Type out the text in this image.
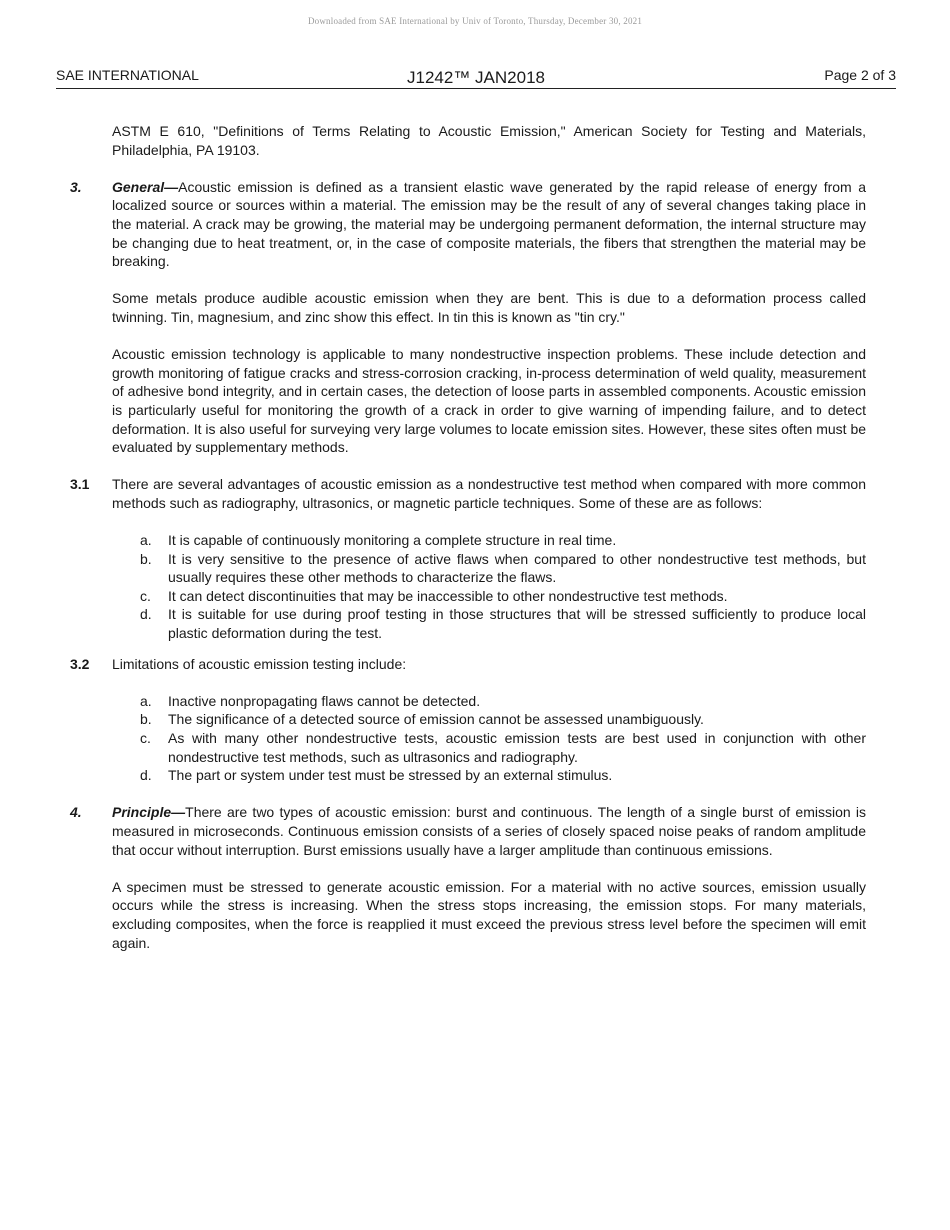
Downloaded from SAE International by Univ of Toronto, Thursday, December 30, 2021
SAE INTERNATIONAL	J1242™ JAN2018	Page 2 of 3

ASTM E 610, "Definitions of Terms Relating to Acoustic Emission," American Society for Testing and Materials, Philadelphia, PA 19103.

3. General—Acoustic emission is defined as a transient elastic wave generated by the rapid release of energy from a localized source or sources within a material. The emission may be the result of any of several changes taking place in the material. A crack may be growing, the material may be undergoing permanent deformation, the internal structure may be changing due to heat treatment, or, in the case of composite materials, the fibers that strengthen the material may be breaking.

Some metals produce audible acoustic emission when they are bent. This is due to a deformation process called twinning. Tin, magnesium, and zinc show this effect. In tin this is known as "tin cry."

Acoustic emission technology is applicable to many nondestructive inspection problems. These include detection and growth monitoring of fatigue cracks and stress-corrosion cracking, in-process determination of weld quality, measurement of adhesive bond integrity, and in certain cases, the detection of loose parts in assembled components. Acoustic emission is particularly useful for monitoring the growth of a crack in order to give warning of impending failure, and to detect deformation. It is also useful for surveying very large volumes to locate emission sites. However, these sites often must be evaluated by supplementary methods.

3.1 There are several advantages of acoustic emission as a nondestructive test method when compared with more common methods such as radiography, ultrasonics, or magnetic particle techniques. Some of these are as follows:

a. It is capable of continuously monitoring a complete structure in real time.
b. It is very sensitive to the presence of active flaws when compared to other nondestructive test methods, but usually requires these other methods to characterize the flaws.
c. It can detect discontinuities that may be inaccessible to other nondestructive test methods.
d. It is suitable for use during proof testing in those structures that will be stressed sufficiently to produce local plastic deformation during the test.
3.2 Limitations of acoustic emission testing include:

a. Inactive nonpropagating flaws cannot be detected.
b. The significance of a detected source of emission cannot be assessed unambiguously.
c. As with many other nondestructive tests, acoustic emission tests are best used in conjunction with other nondestructive test methods, such as ultrasonics and radiography.
d. The part or system under test must be stressed by an external stimulus.
4. Principle—There are two types of acoustic emission: burst and continuous. The length of a single burst of emission is measured in microseconds. Continuous emission consists of a series of closely spaced noise peaks of random amplitude that occur without interruption. Burst emissions usually have a larger amplitude than continuous emissions.

A specimen must be stressed to generate acoustic emission. For a material with no active sources, emission usually occurs while the stress is increasing. When the stress stops increasing, the emission stops. For many materials, excluding composites, when the force is reapplied it must exceed the previous stress level before the specimen will emit again.
